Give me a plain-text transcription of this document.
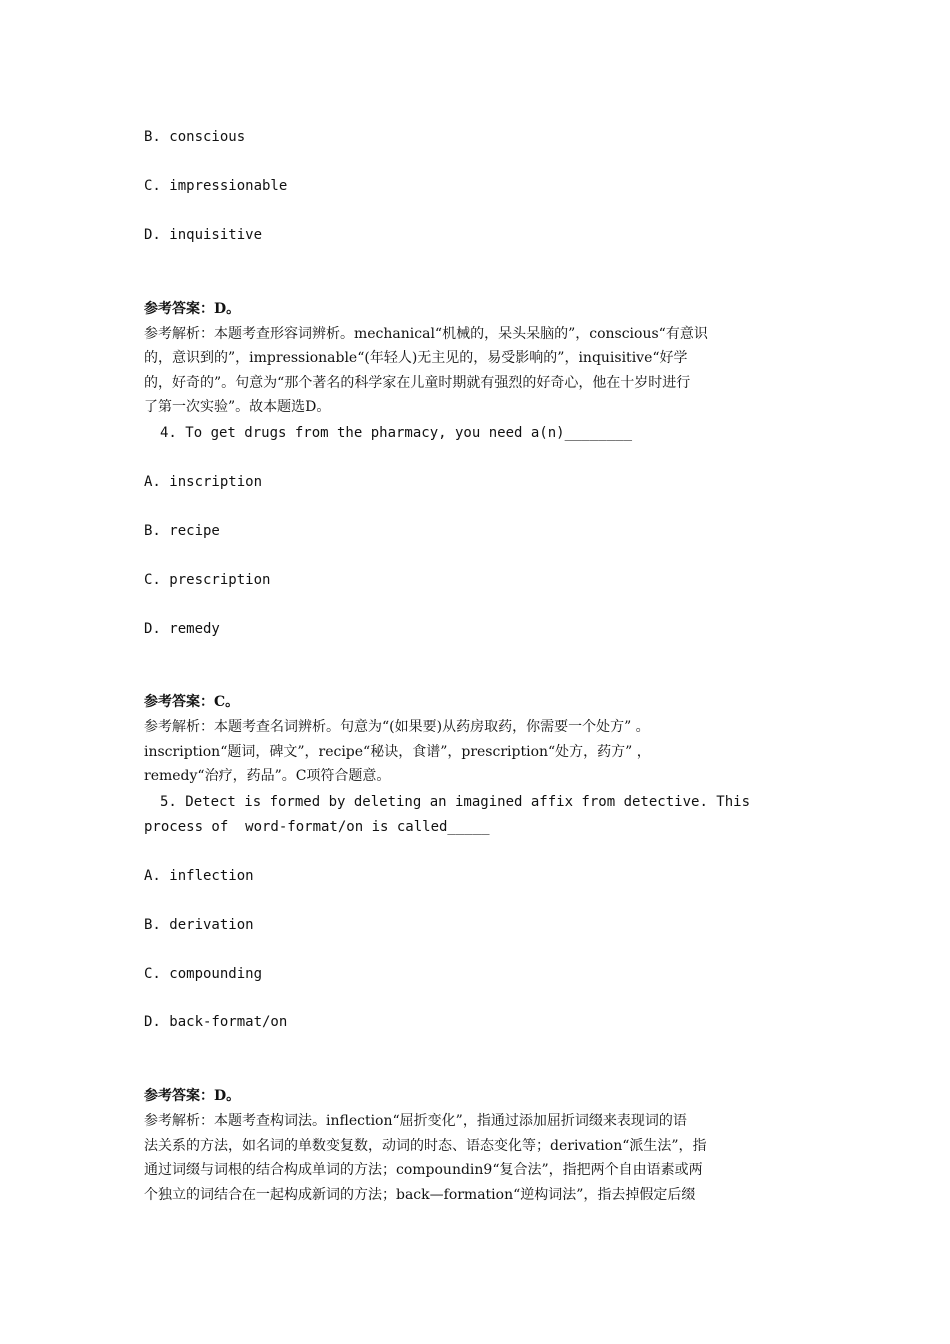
B. conscious
C. impressionable
D. inquisitive
参考答案：D。
参考解析：本题考查形容词辨析。mechanical“机械的，呆头呆脑的”，conscious“有意识
的，意识到的”，impressionable“(年轻人)无主见的，易受影响的”，inquisitive“好学
的，好奇的”。句意为“那个著名的科学家在儿童时期就有强烈的好奇心，他在十岁时进行
了第一次实验”。故本题选D。
4. To get drugs from the pharmacy, you need a(n)________
A. inscription
B. recipe
C. prescription
D. remedy
参考答案：C。
参考解析：本题考查名词辨析。句意为“(如果要)从药房取药，你需要一个处方” 。
inscription“题词，碑文”，recipe“秘诀，食谱”，prescription“处方，药方” ，
remedy“治疗，药品”。C项符合题意。
5. Detect is formed by deleting an imagined affix from detective. This
process of  word-format/on is called_____
A. inflection
B. derivation
C. compounding
D. back-format/on
参考答案：D。
参考解析：本题考查构词法。inflection“屈折变化”，指通过添加屈折词缀来表现词的语
法关系的方法，如名词的单数变复数，动词的时态、语态变化等；derivation“派生法”，指
通过词缀与词根的结合构成单词的方法；compoundin9“复合法”，指把两个自由语素或两
个独立的词结合在一起构成新词的方法；back—formation“逆构词法”，指去掉假定后缀
